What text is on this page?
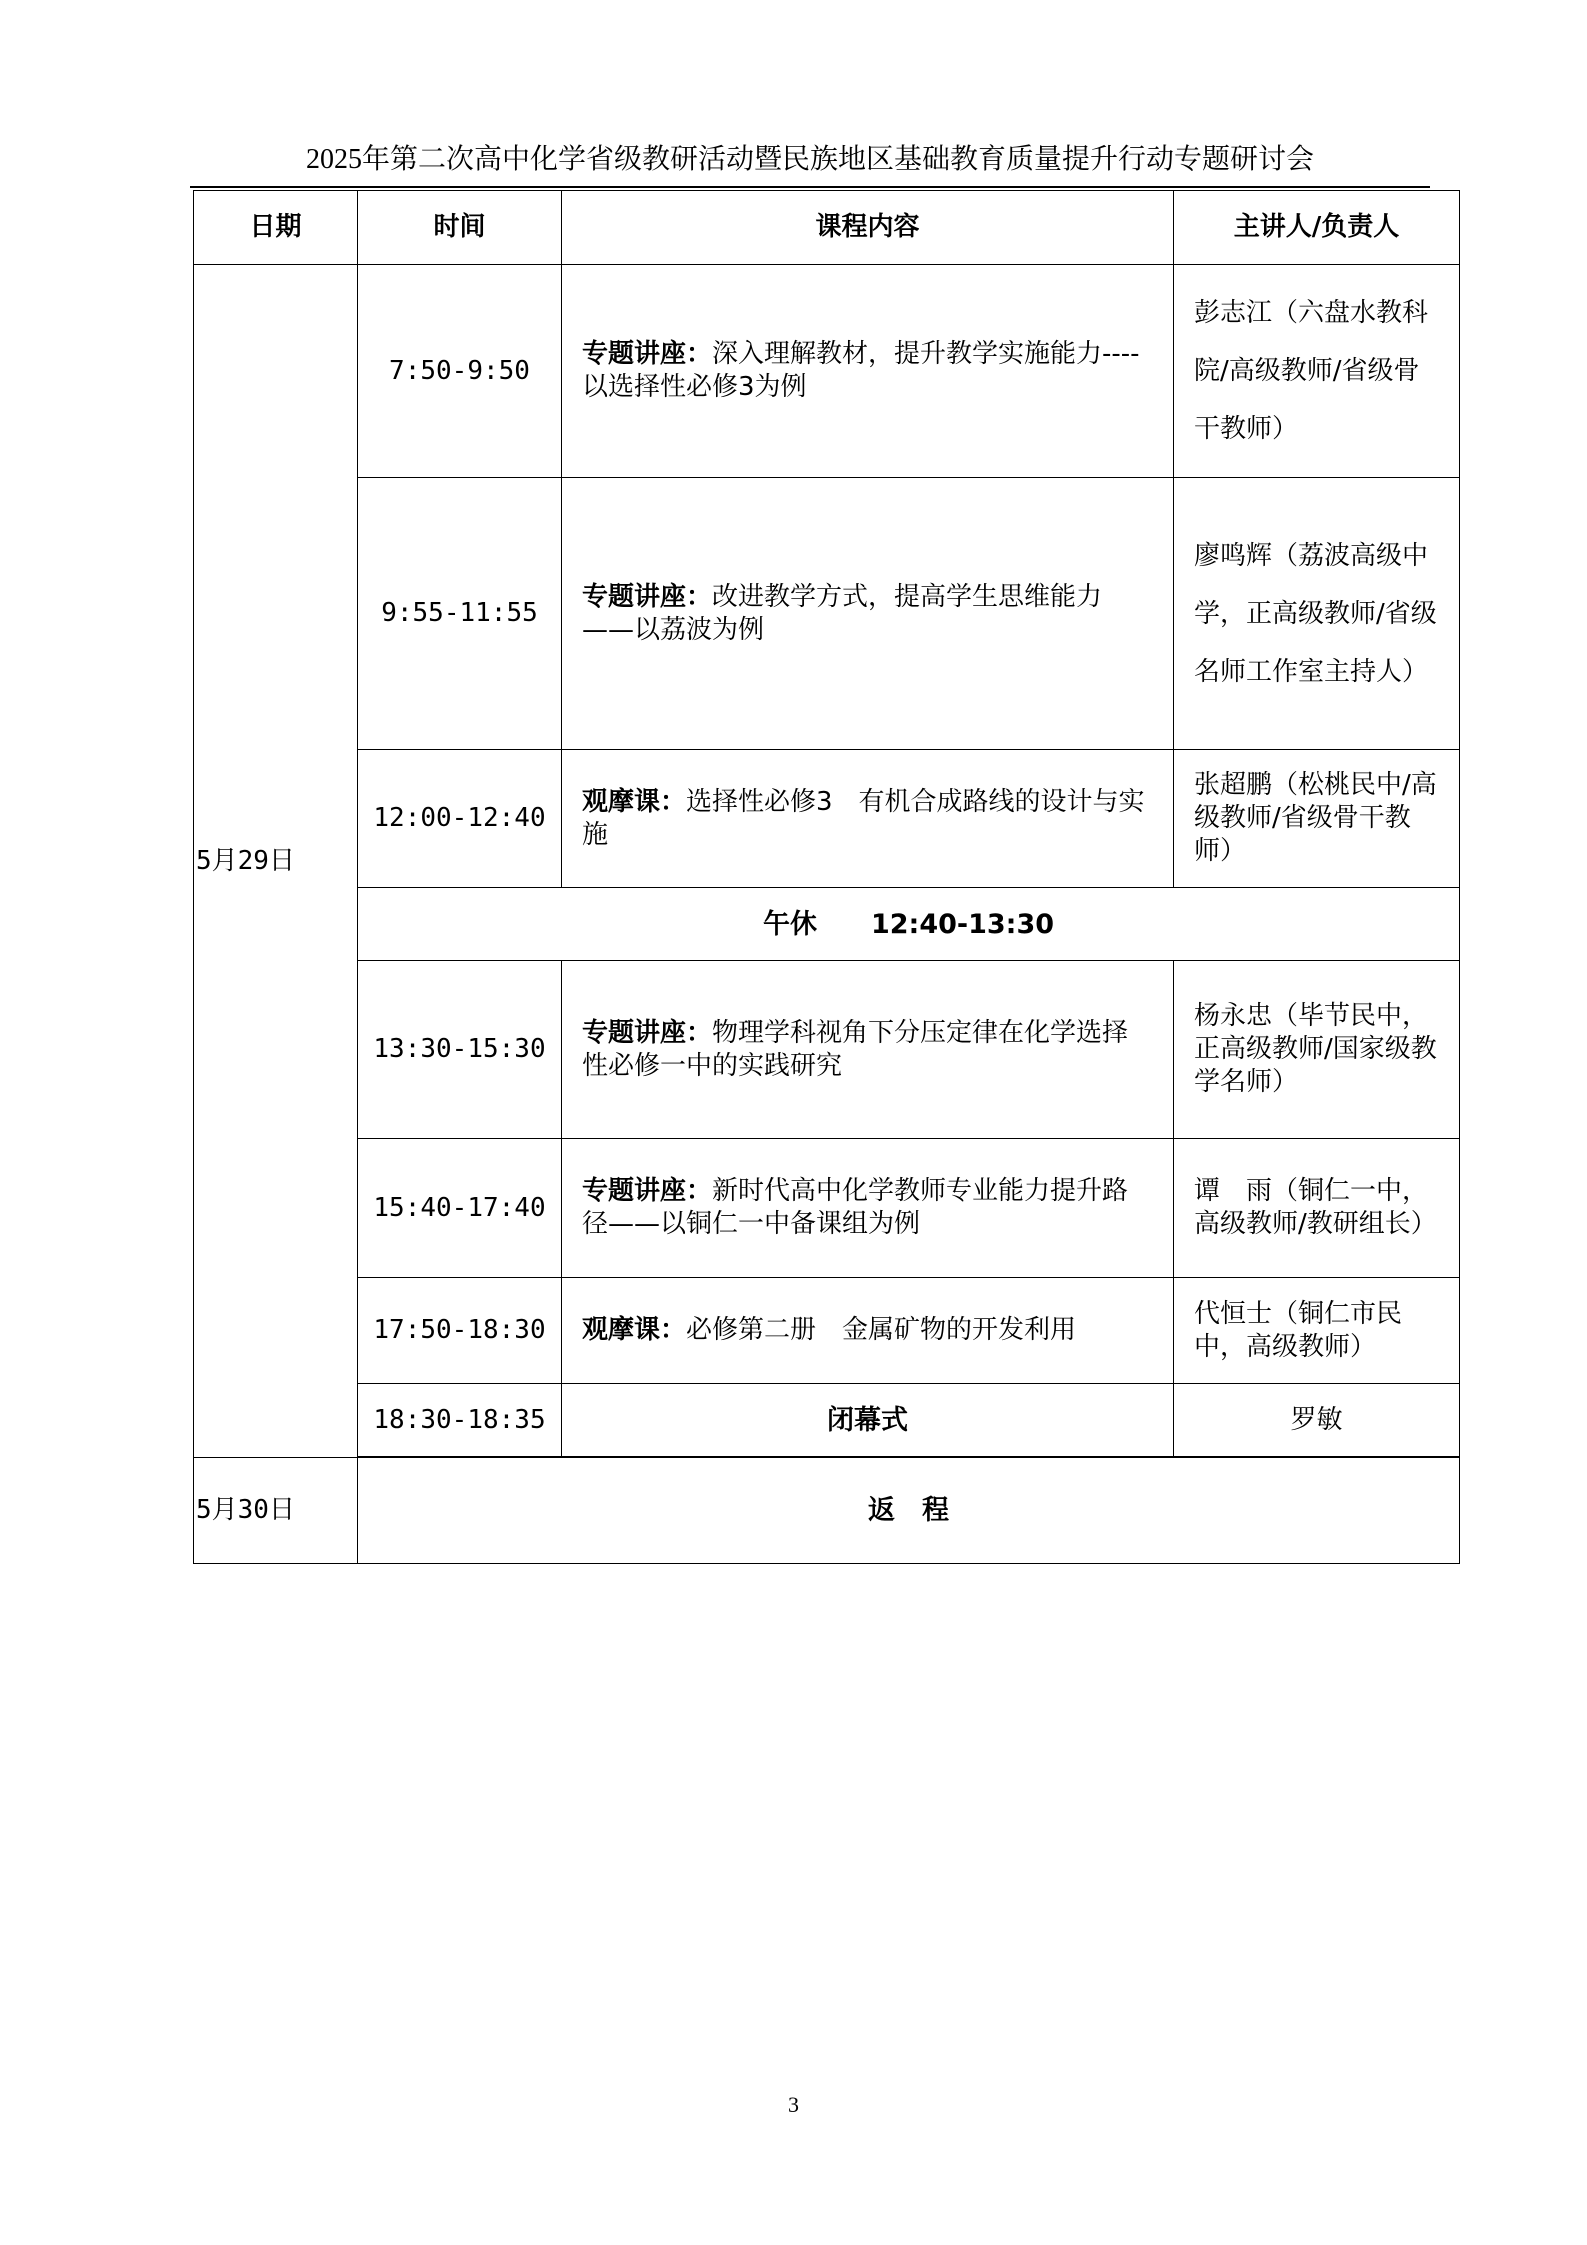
2025年第二次高中化学省级教研活动暨民族地区基础教育质量提升行动专题研讨会
日期	时间	课程内容	主讲人/负责人
5月29日	7:50-9:50	专题讲座：深入理解教材，提升教学实施能力----以选择性必修3为例	彭志江（六盘水教科院/高级教师/省级骨干教师）
	9:55-11:55	专题讲座：改进教学方式，提高学生思维能力——以荔波为例	廖鸣辉（荔波高级中学，正高级教师/省级名师工作室主持人）
	12:00-12:40	观摩课：选择性必修3　有机合成路线的设计与实施	张超鹏（松桃民中/高级教师/省级骨干教师）
	午休　　12:40-13:30		
	13:30-15:30	专题讲座：物理学科视角下分压定律在化学选择性必修一中的实践研究	杨永忠（毕节民中，正高级教师/国家级教学名师）
	15:40-17:40	专题讲座：新时代高中化学教师专业能力提升路径——以铜仁一中备课组为例	谭　雨（铜仁一中，高级教师/教研组长）
	17:50-18:30	观摩课：必修第二册　金属矿物的开发利用	代恒士（铜仁市民中，高级教师）
	18:30-18:35	闭幕式	罗敏

5月30日	返　程		
3
